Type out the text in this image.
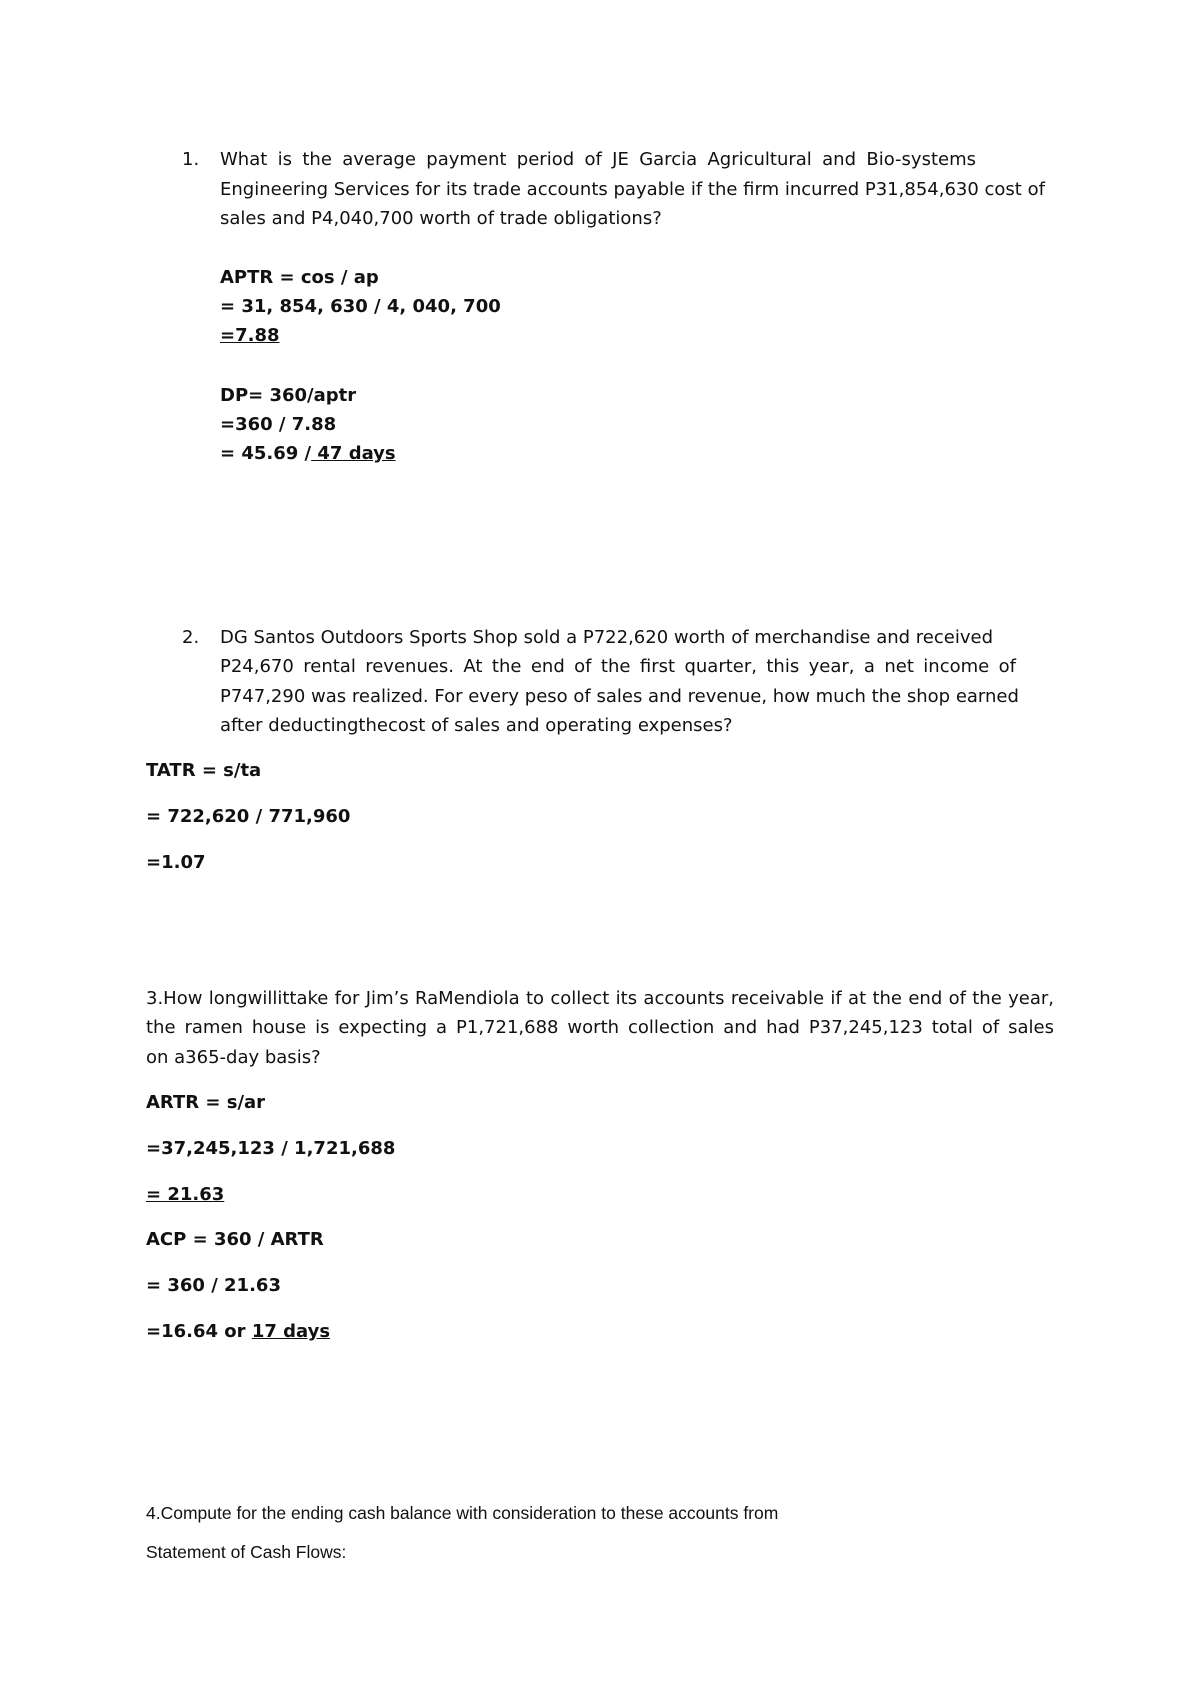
1. What is the average payment period of JE Garcia Agricultural and Bio-systems
Engineering Services for its trade accounts payable if the firm incurred P31,854,630 cost of
sales and P4,040,700 worth of trade obligations?
APTR = cos / ap
= 31, 854, 630 / 4, 040, 700
=7.88
DP= 360/aptr
=360 / 7.88
= 45.69 / 47 days
2. DG Santos Outdoors Sports Shop sold a P722,620 worth of merchandise and received
P24,670 rental revenues. At the end of the first quarter, this year, a net income of
P747,290 was realized. For every peso of sales and revenue, how much the shop earned
after deductingthecost of sales and operating expenses?
TATR = s/ta
= 722,620 / 771,960
=1.07
3.How longwillittake for Jim’s RaMendiola to collect its accounts receivable if at the end of the year,
the ramen house is expecting a P1,721,688 worth collection and had P37,245,123 total of sales
on a365-day basis?
ARTR = s/ar
=37,245,123 / 1,721,688
= 21.63
ACP = 360 / ARTR
= 360 / 21.63
=16.64 or 17 days
4.Compute for the ending cash balance with consideration to these accounts from
Statement of Cash Flows:
